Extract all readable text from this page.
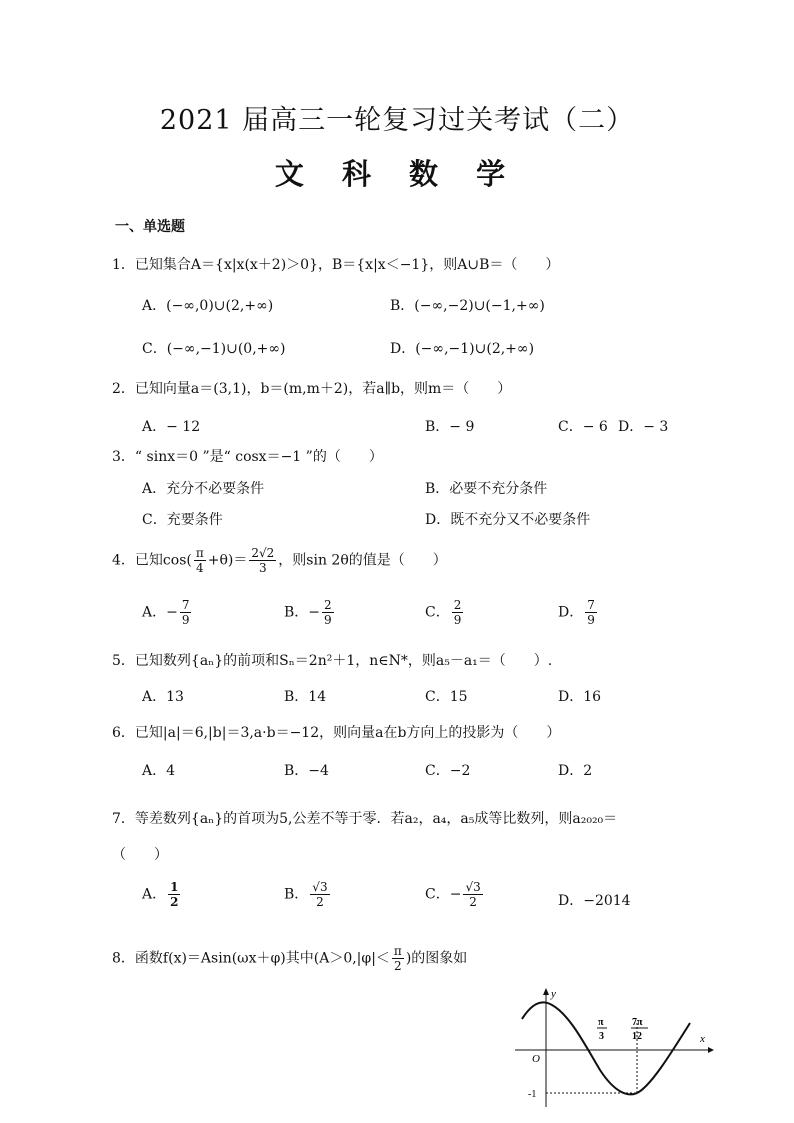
2021 届高三一轮复习过关考试（二）
文 科 数 学
一、单选题
1．已知集合A＝{x|x(x＋2)＞0}，B＝{x|x＜−1}，则A∪B＝（　　）
A．(−∞,0)∪(2,+∞)	B．(−∞,−2)∪(−1,+∞)
C．(−∞,−1)∪(0,+∞)	D．(−∞,−1)∪(2,+∞)
2．已知向量a＝(3,1)，b＝(m,m＋2)，若a∥b，则m＝（　　）
A．− 12	B．− 9	C．− 6 D．− 3
3．“ sinx＝0 ”是“ cosx＝−1 ”的（　　）
A．充分不必要条件	B．必要不充分条件
C．充要条件	D．既不充分又不必要条件
4．已知$\cos( \frac{\pi}{4} +\theta)= \frac{2√2}{3}$ ，则sin 2θ的值是（　　）
A．− $\frac{7}{9}$	B．− $\frac{2}{9}$	C． $\frac{2}{9}$	D． $\frac{7}{9}$
5．已知数列{aₙ}的前项和Sₙ＝2n²＋1，n∈N*，则a₅－a₁＝（　　）.
A．13	B．14	C．15	D．16
6．已知|a|＝6,|b|＝3,a·b＝−12，则向量a在b方向上的投影为（　　）
A．4	B．−4	C．−2	D．2
7．等差数列{aₙ}的首项为5,公差不等于零．若a₂，a₄，a₅成等比数列，则a₂₀₂₀＝
（　　）
A． $\frac{1}{2}$	B． $\frac{√3}{2}$	C．− $\frac{√3}{2}$	D．−2014
8．函数f(x)＝Asin(ωx＋φ)其中($A>0,|\varphi|< \frac{\pi}{2}$ )的图象如
y
x
O
-1
π
3
7π
12
